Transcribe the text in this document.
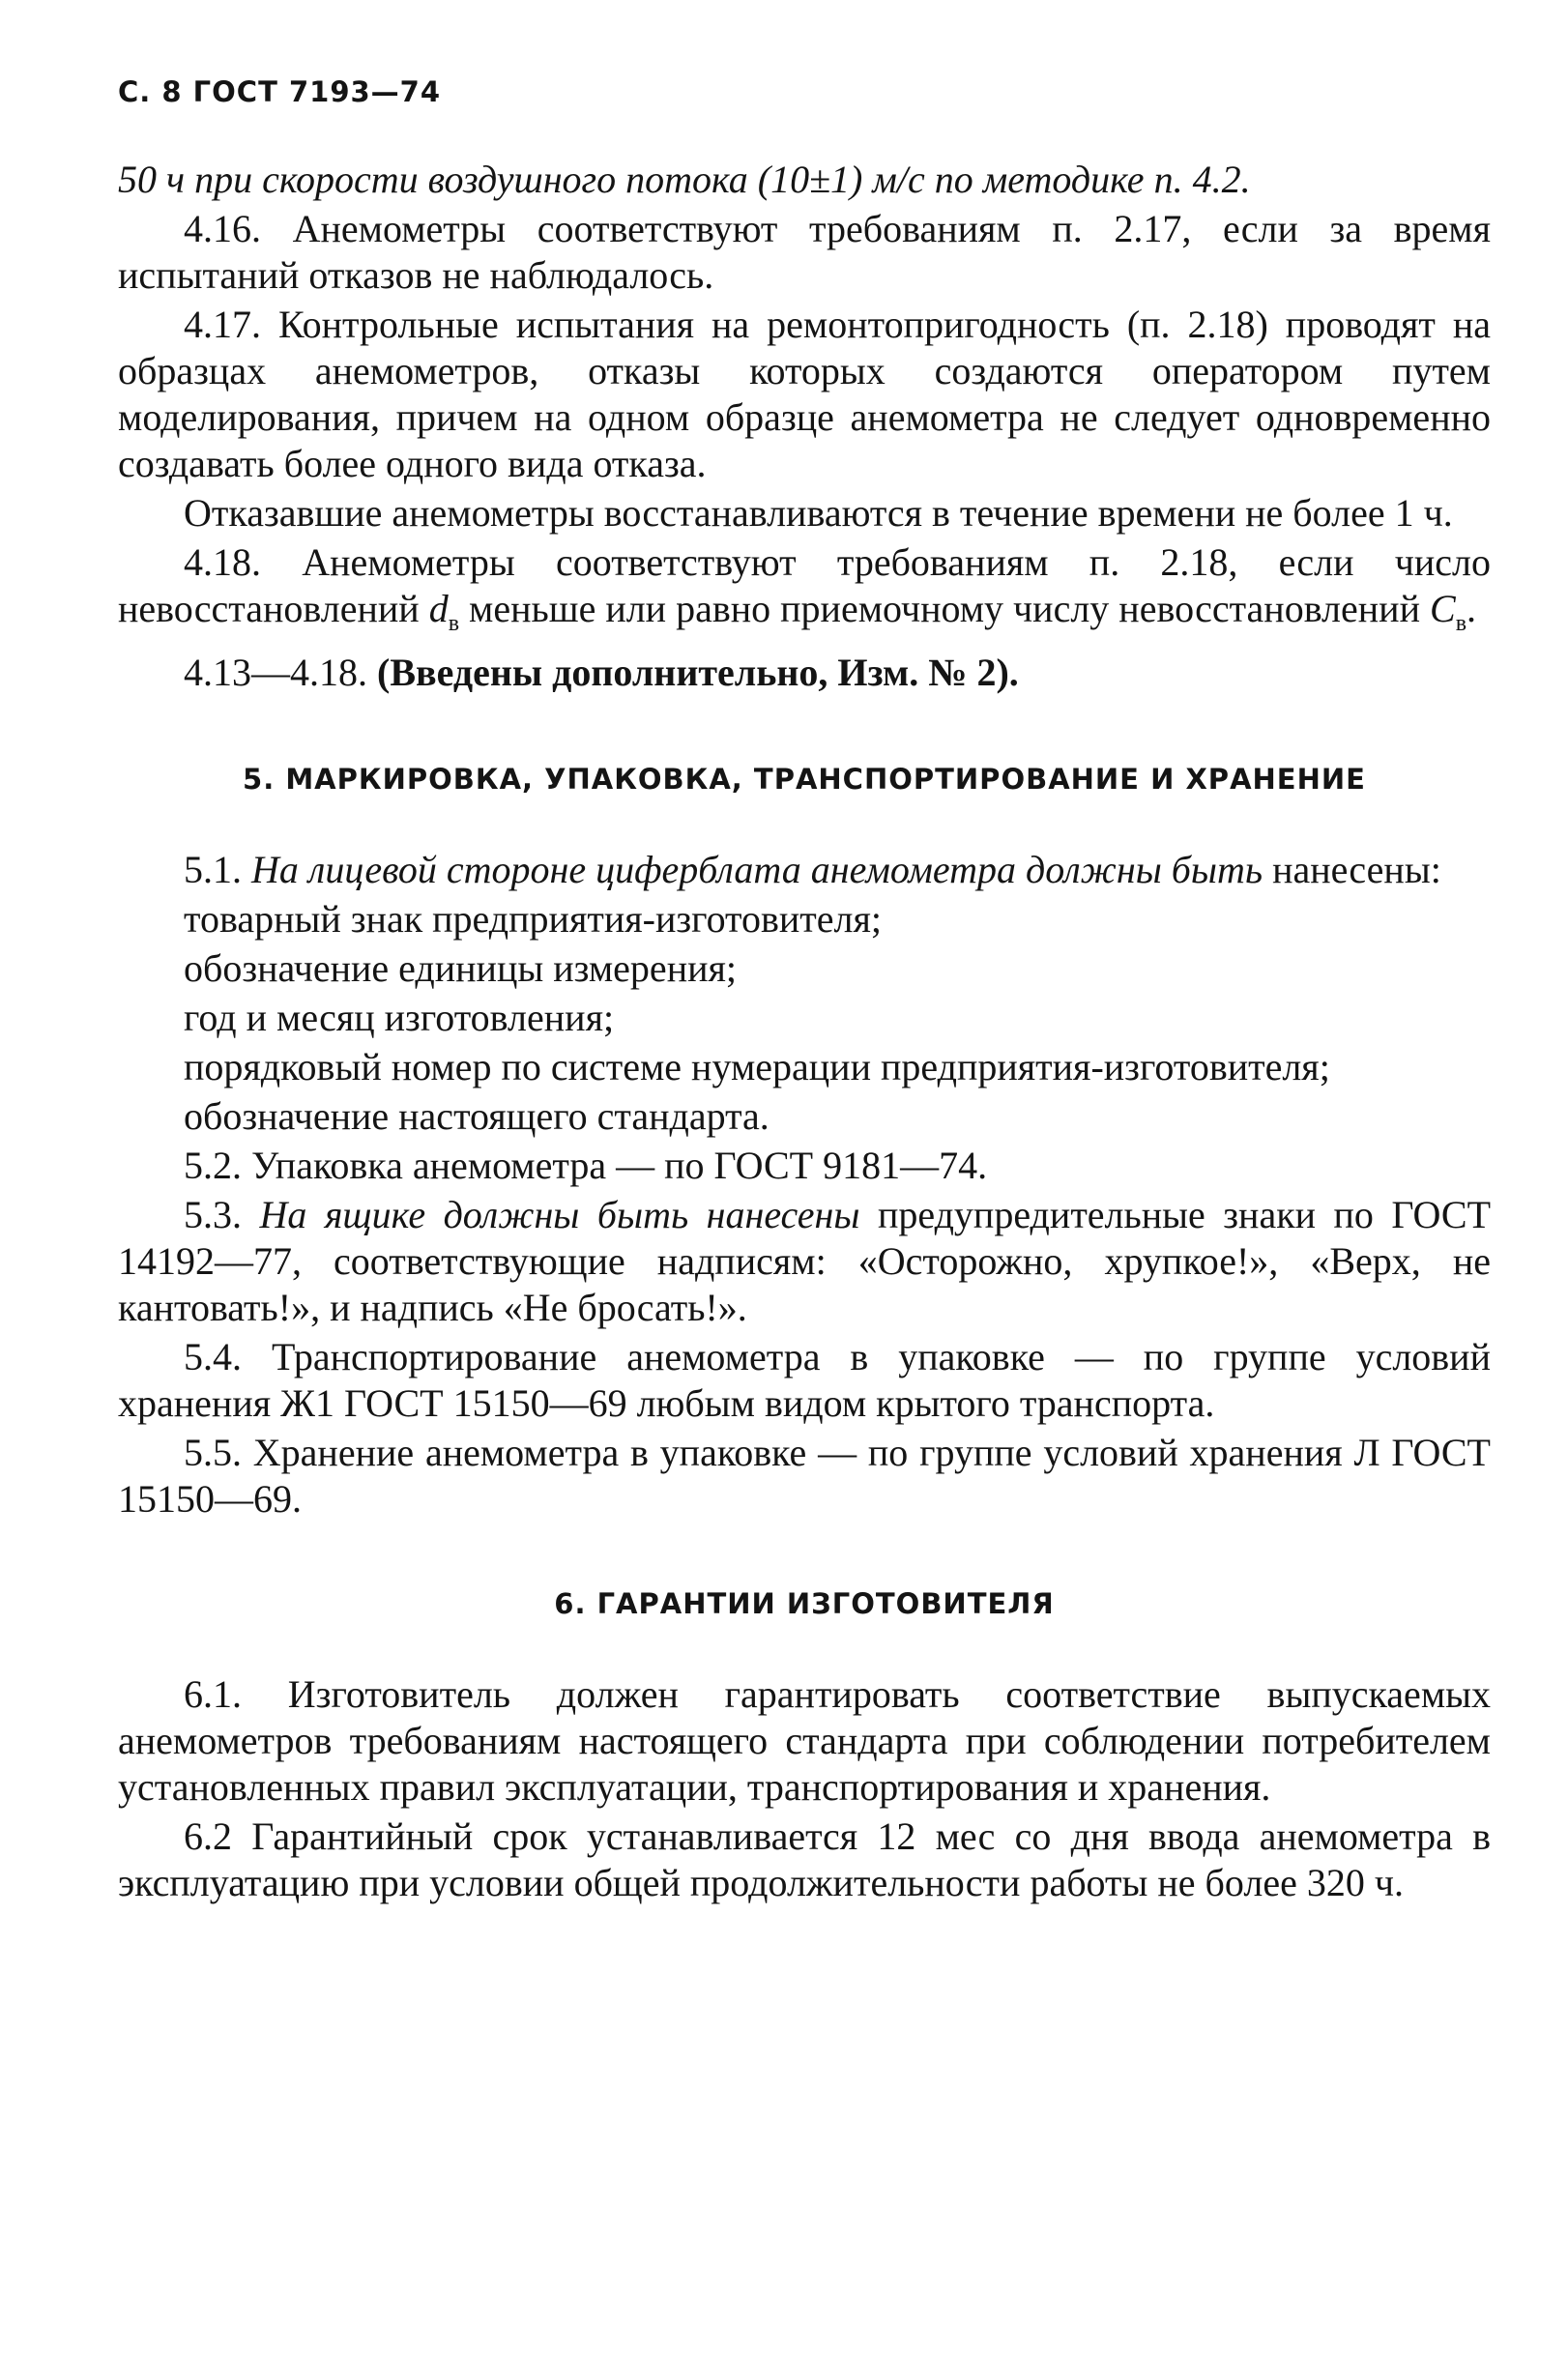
С. 8 ГОСТ 7193—74

50 ч при скорости воздушного потока (10±1) м/с по методике п. 4.2.

4.16. Анемометры соответствуют требованиям п. 2.17, если за время испытаний отказов не наблюдалось.

4.17. Контрольные испытания на ремонтопригодность (п. 2.18) проводят на образцах анемометров, отказы которых создаются оператором путем моделирования, причем на одном образце анемометра не следует одновременно создавать более одного вида отказа.

Отказавшие анемометры восстанавливаются в течение времени не более 1 ч.

4.18. Анемометры соответствуют требованиям п. 2.18, если число невосстановлений $d_в$ меньше или равно приемочному числу невосстановлений $C_в$.

4.13—4.18. (Введены дополнительно, Изм. № 2).

5. МАРКИРОВКА, УПАКОВКА, ТРАНСПОРТИРОВАНИЕ И ХРАНЕНИЕ

5.1. На лицевой стороне циферблата анемометра должны быть нанесены:

товарный знак предприятия-изготовителя;

обозначение единицы измерения;

год и месяц изготовления;

порядковый номер по системе нумерации предприятия-изготовителя;

обозначение настоящего стандарта.

5.2. Упаковка анемометра — по ГОСТ 9181—74.

5.3. На ящике должны быть нанесены предупредительные знаки по ГОСТ 14192—77, соответствующие надписям: «Осторожно, хрупкое!», «Верх, не кантовать!», и надпись «Не бросать!».

5.4. Транспортирование анемометра в упаковке — по группе условий хранения Ж1 ГОСТ 15150—69 любым видом крытого транспорта.

5.5. Хранение анемометра в упаковке — по группе условий хранения Л ГОСТ 15150—69.

6. ГАРАНТИИ ИЗГОТОВИТЕЛЯ

6.1. Изготовитель должен гарантировать соответствие выпускаемых анемометров требованиям настоящего стандарта при соблюдении потребителем установленных правил эксплуатации, транспортирования и хранения.

6.2 Гарантийный срок устанавливается 12 мес со дня ввода анемометра в эксплуатацию при условии общей продолжительности работы не более 320 ч.
